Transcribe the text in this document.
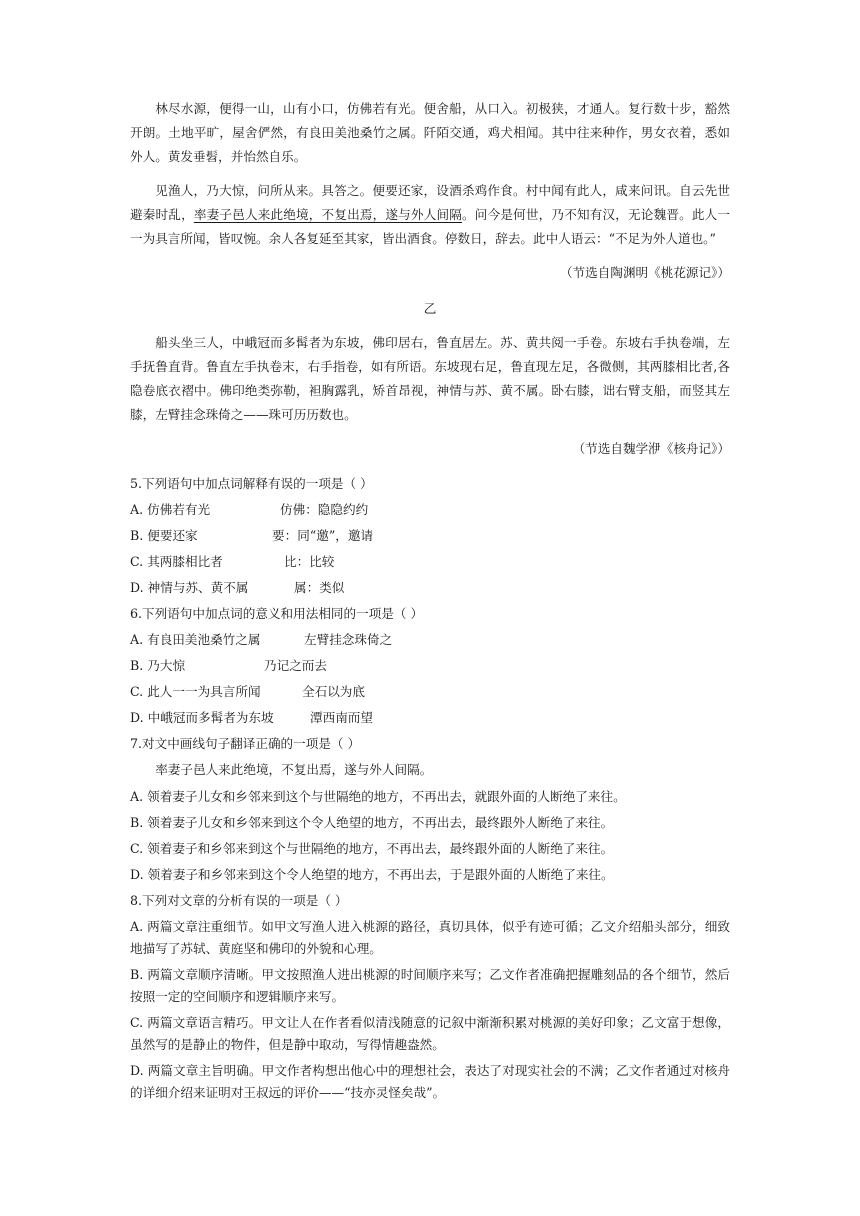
林尽水源，便得一山，山有小口，仿佛若有光。便舍船，从口入。初极狭，才通人。复行数十步，豁然开朗。土地平旷，屋舍俨然，有良田美池桑竹之属。阡陌交通，鸡犬相闻。其中往来种作，男女衣着，悉如外人。黄发垂髫，并怡然自乐。

见渔人，乃大惊，问所从来。具答之。便要还家，设酒杀鸡作食。村中闻有此人，咸来问讯。自云先世避秦时乱，率妻子邑人来此绝境，不复出焉，遂与外人间隔。问今是何世，乃不知有汉，无论魏晋。此人一一为具言所闻，皆叹惋。余人各复延至其家，皆出酒食。停数日，辞去。此中人语云：“不足为外人道也。”

（节选自陶渊明《桃花源记》）

乙

船头坐三人，中峨冠而多髯者为东坡，佛印居右，鲁直居左。苏、黄共阅一手卷。东坡右手执卷端，左手抚鲁直背。鲁直左手执卷末，右手指卷，如有所语。东坡现右足，鲁直现左足，各微侧，其两膝相比者,各隐卷底衣褶中。佛印绝类弥勒，袒胸露乳，矫首昂视，神情与苏、黄不属。卧右膝，诎右臂支船，而竖其左膝，左臂挂念珠倚之——珠可历历数也。

（节选自魏学洢《核舟记》）

5.下列语句中加点词解释有误的一项是（ ）

A. 仿佛若有光	仿佛：隐隐约约
B. 便要还家	要：同“邀”，邀请
C. 其两膝相比者	比：比较
D. 神情与苏、黄不属	属：类似

6.下列语句中加点词的意义和用法相同的一项是（ ）

A. 有良田美池桑竹之属	左臂挂念珠倚之
B. 乃大惊	乃记之而去
C. 此人一一为具言所闻	全石以为底
D. 中峨冠而多髯者为东坡	潭西南而望

7.对文中画线句子翻译正确的一项是（ ）

率妻子邑人来此绝境，不复出焉，遂与外人间隔。

A. 领着妻子儿女和乡邻来到这个与世隔绝的地方，不再出去，就跟外面的人断绝了来往。

B. 领着妻子儿女和乡邻来到这个令人绝望的地方，不再出去，最终跟外人断绝了来往。

C. 领着妻子和乡邻来到这个与世隔绝的地方，不再出去，最终跟外面的人断绝了来往。

D. 领着妻子和乡邻来到这个令人绝望的地方，不再出去，于是跟外面的人断绝了来往。

8.下列对文章的分析有误的一项是（ ）

A. 两篇文章注重细节。如甲文写渔人进入桃源的路径，真切具体，似乎有迹可循；乙文介绍船头部分，细致地描写了苏轼、黄庭坚和佛印的外貌和心理。

B. 两篇文章顺序清晰。甲文按照渔人进出桃源的时间顺序来写；乙文作者准确把握雕刻品的各个细节，然后按照一定的空间顺序和逻辑顺序来写。

C. 两篇文章语言精巧。甲文让人在作者看似清浅随意的记叙中渐渐积累对桃源的美好印象；乙文富于想像，虽然写的是静止的物件，但是静中取动，写得情趣盎然。

D. 两篇文章主旨明确。甲文作者构想出他心中的理想社会，表达了对现实社会的不满；乙文作者通过对核舟的详细介绍来证明对王叔远的评价——“技亦灵怪矣哉”。
